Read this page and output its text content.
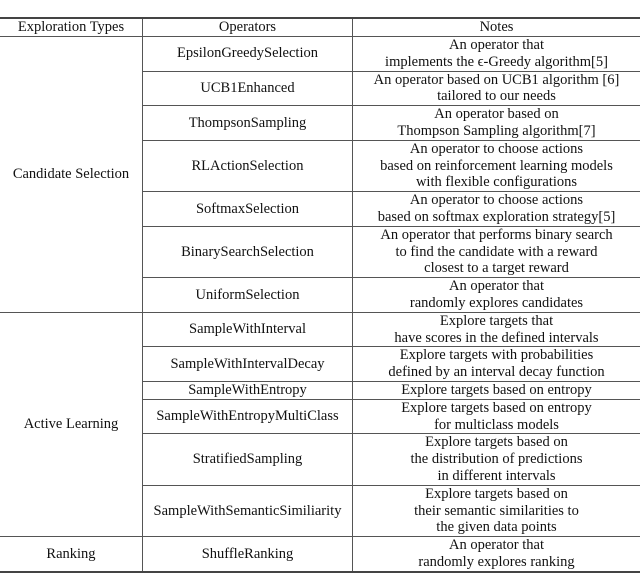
Exploration Types	Operators	Notes
Candidate Selection	EpsilonGreedySelection	An operator that
implements the ϵ-Greedy algorithm[5]

	UCB1Enhanced	An operator based on UCB1 algorithm [6]
tailored to our needs

	ThompsonSampling	An operator based on
Thompson Sampling algorithm[7]

	RLActionSelection	An operator to choose actions
based on reinforcement learning models
with flexible configurations

	SoftmaxSelection	An operator to choose actions
based on softmax exploration strategy[5]

	BinarySearchSelection	An operator that performs binary search
to find the candidate with a reward
closest to a target reward

	UniformSelection	An operator that
randomly explores candidates

Active Learning	SampleWithInterval	Explore targets that
have scores in the defined intervals

	SampleWithIntervalDecay	Explore targets with probabilities
defined by an interval decay function

	SampleWithEntropy	Explore targets based on entropy

	SampleWithEntropyMultiClass	Explore targets based on entropy
for multiclass models

	StratifiedSampling	Explore targets based on
the distribution of predictions
in different intervals

	SampleWithSemanticSimiliarity	Explore targets based on
their semantic similarities to
the given data points

Ranking	ShuffleRanking	An operator that
randomly explores ranking
